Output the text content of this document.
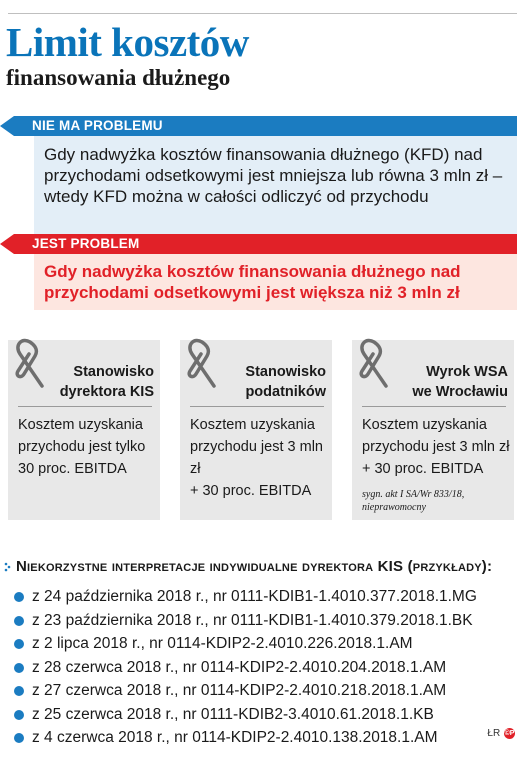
Limit kosztów
finansowania dłużnego
NIE MA PROBLEMU
Gdy nadwyżka kosztów finansowania dłużnego (KFD) nad przychodami odsetkowymi jest mniejsza lub równa 3 mln zł – wtedy KFD można w całości odliczyć od przychodu
JEST PROBLEM
Gdy nadwyżka kosztów finansowania dłużnego nad przychodami odsetkowymi jest większa niż 3 mln zł
Stanowisko
dyrektora KIS
Kosztem uzyskania
przychodu jest tylko
30 proc. EBITDA
Stanowisko
podatników
Kosztem uzyskania
przychodu jest 3 mln zł
+ 30 proc. EBITDA
Wyrok WSA
we Wrocławiu
Kosztem uzyskania
przychodu jest 3 mln zł
+ 30 proc. EBITDA
sygn. akt I SA/Wr 833/18,
nieprawomocny
Niekorzystne interpretacje indywidualne dyrektora KIS (przykłady):
z 24 października 2018 r., nr 0111-KDIB1-1.4010.377.2018.1.MG
z 23 października 2018 r., nr 0111-KDIB1-1.4010.379.2018.1.BK
z 2 lipca 2018 r., nr 0114-KDIP2-2.4010.226.2018.1.AM
z 28 czerwca 2018 r., nr 0114-KDIP2-2.4010.204.2018.1.AM
z 27 czerwca 2018 r., nr 0114-KDIP2-2.4010.218.2018.1.AM
z 25 czerwca 2018 r., nr 0111-KDIB2-3.4010.61.2018.1.KB
z 4 czerwca 2018 r., nr 0114-KDIP2-2.4010.138.2018.1.AM	ŁR ©P
